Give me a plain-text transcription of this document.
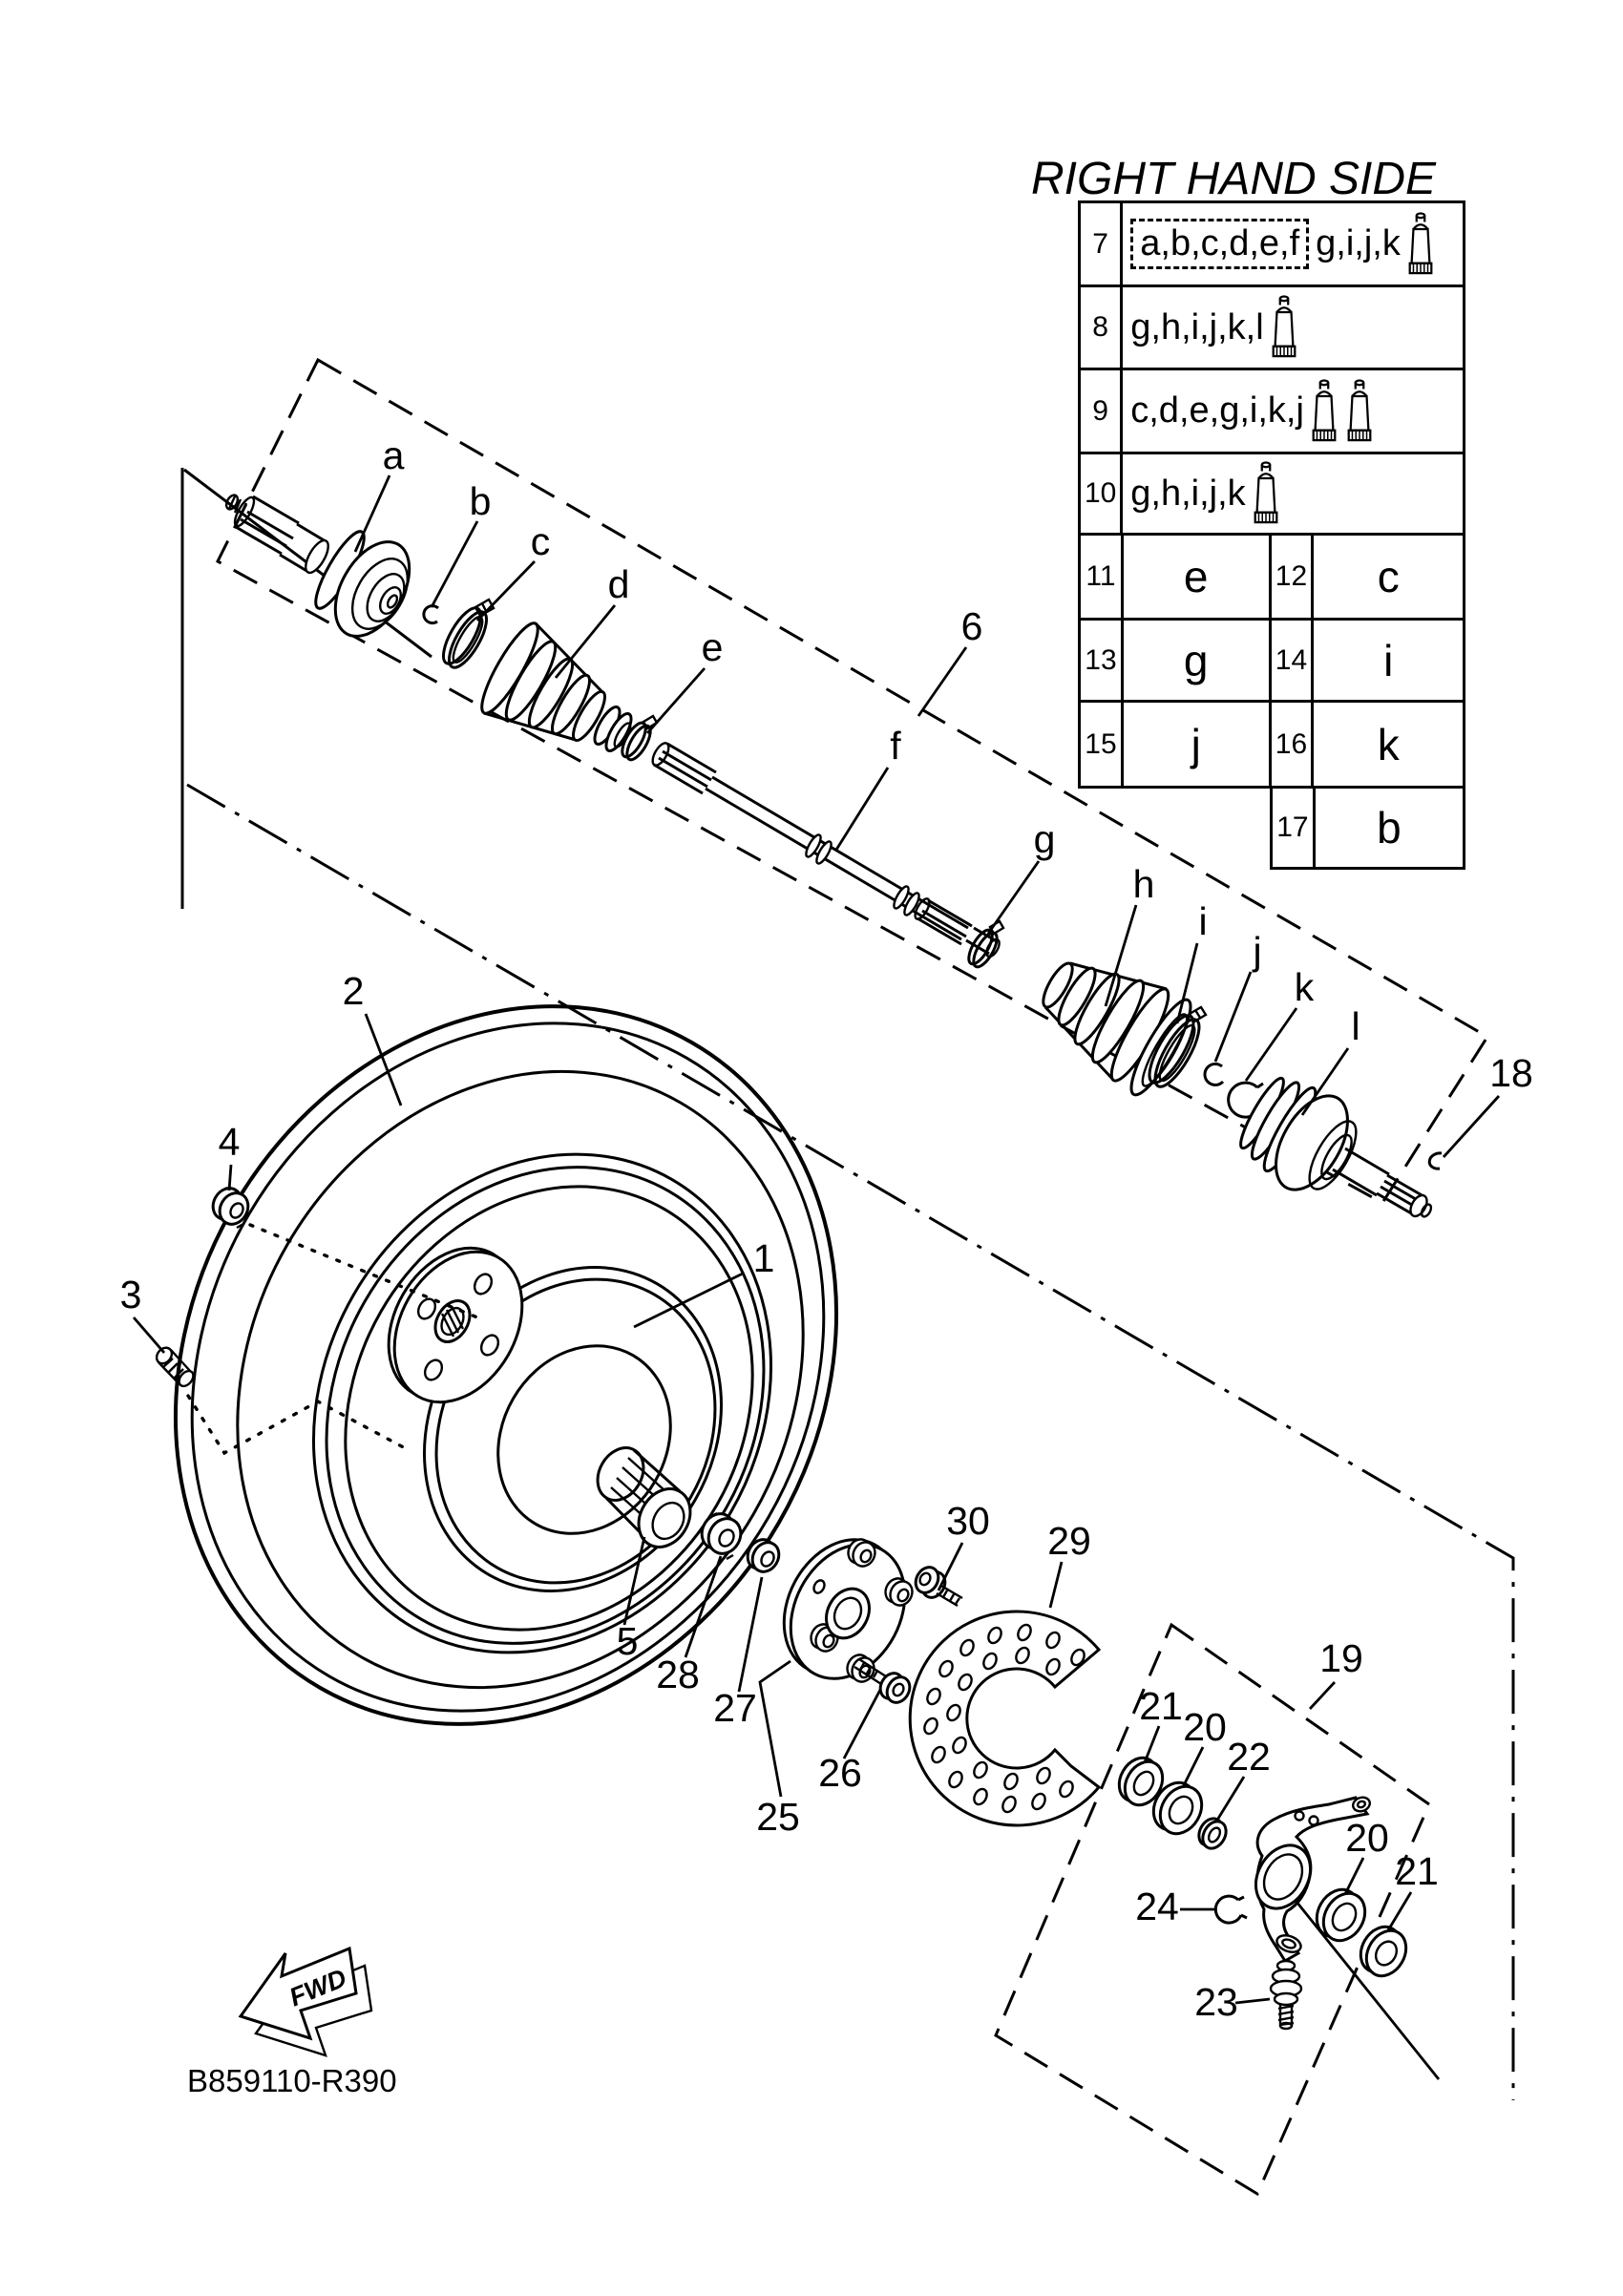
FWD
B859110-R390
RIGHT HAND SIDE
a
b
c
d
e
f
6
g
h
i
j
k
l
18
2
4
3
1
5
28
27
25
26
30 29
19
21 20
22
24
23
20
21
7	a,b,c,d,e,f g,i,j,k

8	g,h,i,j,k,l

9	c,d,e,g,i,k,j

10	g,h,i,j,k
11	e	12	c
13	g	14	i
15	j	16	k
17	b
